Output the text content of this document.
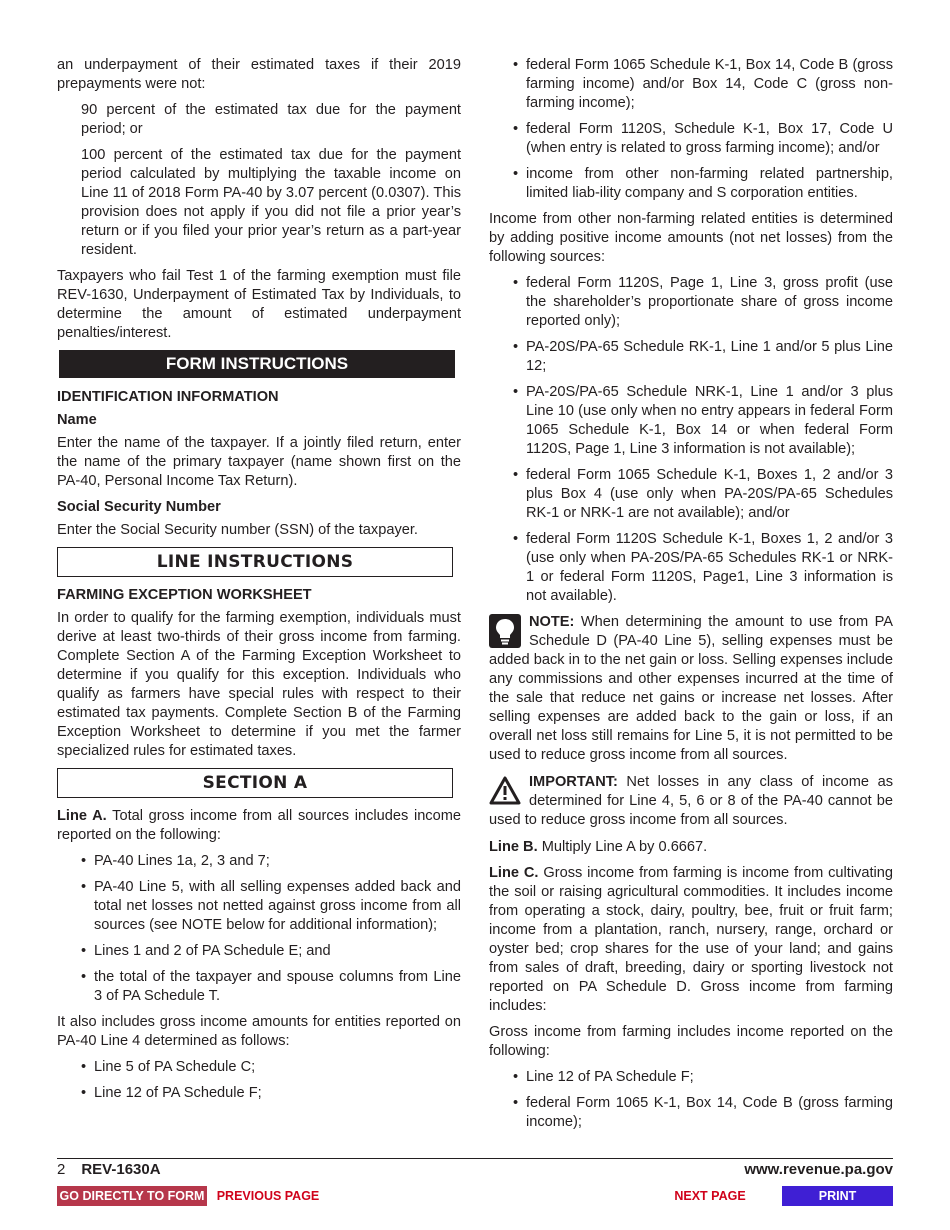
an underpayment of their estimated taxes if their 2019 prepayments were not:

90 percent of the estimated tax due for the payment period; or

100 percent of the estimated tax due for the payment period calculated by multiplying the taxable income on Line 11 of 2018 Form PA-40 by 3.07 percent (0.0307). This provision does not apply if you did not file a prior year’s return or if you filed your prior year’s return as a part-year resident.

Taxpayers who fail Test 1 of the farming exemption must file REV-1630, Underpayment of Estimated Tax by Individuals, to determine the amount of estimated underpayment penalties/interest.

FORM INSTRUCTIONS
IDENTIFICATION INFORMATION
Name

Enter the name of the taxpayer. If a jointly filed return, enter the name of the primary taxpayer (name shown first on the PA-40, Personal Income Tax Return).

Social Security Number

Enter the Social Security number (SSN) of the taxpayer.

LINE INSTRUCTIONS
FARMING EXCEPTION WORKSHEET

In order to qualify for the farming exemption, individuals must derive at least two-thirds of their gross income from farming. Complete Section A of the Farming Exception Worksheet to determine if you qualify for this exception. Individuals who qualify as farmers have special rules with respect to their estimated tax payments. Complete Section B of the Farming Exception Worksheet to determine if you met the farmer specialized rules for estimated taxes.

SECTION A

Line A. Total gross income from all sources includes income reported on the following:

• PA-40 Lines 1a, 2, 3 and 7;
• PA-40 Line 5, with all selling expenses added back and total net losses not netted against gross income from all sources (see NOTE below for additional information);
• Lines 1 and 2 of PA Schedule E; and
• the total of the taxpayer and spouse columns from Line 3 of PA Schedule T.

It also includes gross income amounts for entities reported on PA-40 Line 4 determined as follows:

• Line 5 of PA Schedule C;
• Line 12 of PA Schedule F;
• federal Form 1065 Schedule K-1, Box 14, Code B (gross farming income) and/or Box 14, Code C (gross non-farming income);
• federal Form 1120S, Schedule K-1, Box 17, Code U (when entry is related to gross farming income); and/or
• income from other non-farming related partnership, limited liab-ility company and S corporation entities.

Income from other non-farming related entities is determined by adding positive income amounts (not net losses) from the following sources:

• federal Form 1120S, Page 1, Line 3, gross profit (use the shareholder’s proportionate share of gross income reported only);
• PA-20S/PA-65 Schedule RK-1, Line 1 and/or 5 plus Line 12;
• PA-20S/PA-65 Schedule NRK-1, Line 1 and/or 3 plus Line 10 (use only when no entry appears in federal Form 1065 Schedule K-1, Box 14 or when federal Form 1120S, Page 1, Line 3 information is not available);
• federal Form 1065 Schedule K-1, Boxes 1, 2 and/or 3 plus Box 4 (use only when PA-20S/PA-65 Schedules RK-1 or NRK-1 are not available); and/or
• federal Form 1120S Schedule K-1, Boxes 1, 2 and/or 3 (use only when PA-20S/PA-65 Schedules RK-1 or NRK-1 or federal Form 1120S, Page1, Line 3 information is not available).

NOTE: When determining the amount to use from PA Schedule D (PA-40 Line 5), selling expenses must be added back in to the net gain or loss. Selling expenses include any commissions and other expenses incurred at the time of the sale that reduce net gains or increase net losses. After selling expenses are added back to the gain or loss, if an overall net loss still remains for Line 5, it is not permitted to be used to reduce gross income from all sources.

IMPORTANT: Net losses in any class of income as determined for Line 4, 5, 6 or 8 of the PA-40 cannot be used to reduce gross income from all sources.

Line B. Multiply Line A by 0.6667.

Line C. Gross income from farming is income from cultivating the soil or raising agricultural commodities. It includes income from operating a stock, dairy, poultry, bee, fruit or fruit farm; income from a plantation, ranch, nursery, range, orchard or oyster bed; crop shares for the use of your land; and gains from sales of draft, breeding, dairy or sporting livestock not reported on PA Schedule D. Gross income from farming includes:

Gross income from farming includes income reported on the following:

• Line 12 of PA Schedule F;
• federal Form 1065 K-1, Box 14, Code B (gross farming income);
2 REV-1630A	www.revenue.pa.gov
GO DIRECTLY TO FORM PREVIOUS PAGE	NEXT PAGE	PRINT
